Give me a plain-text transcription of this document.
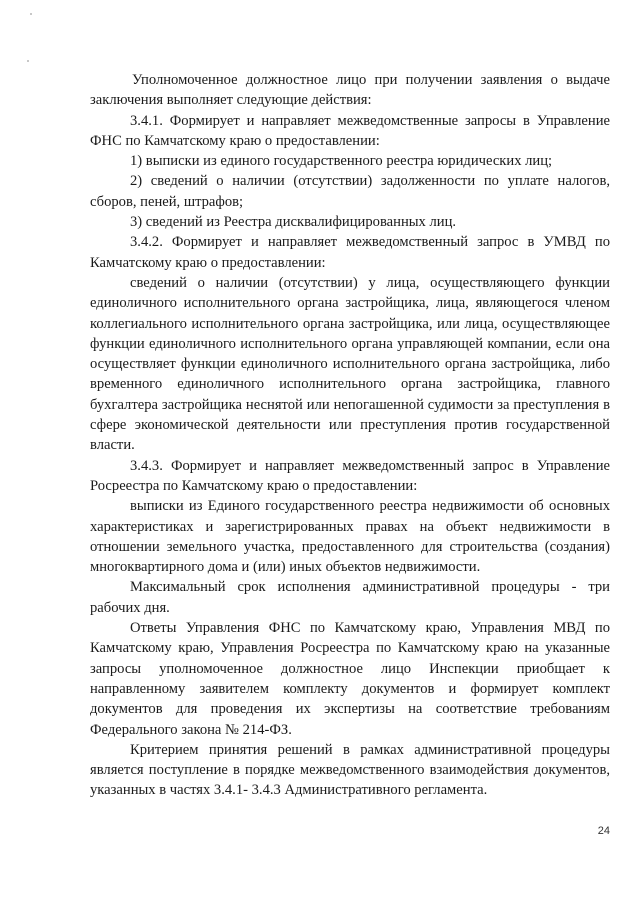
Уполномоченное должностное лицо при получении заявления о выдаче заключения выполняет следующие действия:

3.4.1. Формирует и направляет межведомственные запросы в Управление ФНС по Камчатскому краю о предоставлении:

1) выписки из единого государственного реестра юридических лиц;

2) сведений о наличии (отсутствии) задолженности по уплате налогов, сборов, пеней, штрафов;

3) сведений из Реестра дисквалифицированных лиц.

3.4.2. Формирует и направляет межведомственный запрос в УМВД по Камчатскому краю о предоставлении:

сведений о наличии (отсутствии) у лица, осуществляющего функции единоличного исполнительного органа застройщика, лица, являющегося членом коллегиального исполнительного органа застройщика, или лица, осуществляющее функции единоличного исполнительного органа управляющей компании, если она осуществляет функции единоличного исполнительного органа застройщика, либо временного единоличного исполнительного органа застройщика, главного бухгалтера застройщика неснятой или непогашенной судимости за преступления в сфере экономической деятельности или преступления против государственной власти.

3.4.3. Формирует и направляет межведомственный запрос в Управление Росреестра по Камчатскому краю о предоставлении:

выписки из Единого государственного реестра недвижимости об основных характеристиках и зарегистрированных правах на объект недвижимости в отношении земельного участка, предоставленного для строительства (создания) многоквартирного дома и (или) иных объектов недвижимости.

Максимальный срок исполнения административной процедуры - три рабочих дня.

Ответы Управления ФНС по Камчатскому краю, Управления МВД по Камчатскому краю, Управления Росреестра по Камчатскому краю на указанные запросы уполномоченное должностное лицо Инспекции приобщает к направленному заявителем комплекту документов и формирует комплект документов для проведения их экспертизы на соответствие требованиям Федерального закона № 214-ФЗ.

Критерием принятия решений в рамках административной процедуры является поступление в порядке межведомственного взаимодействия документов, указанных в частях 3.4.1- 3.4.3 Административного регламента.

24
